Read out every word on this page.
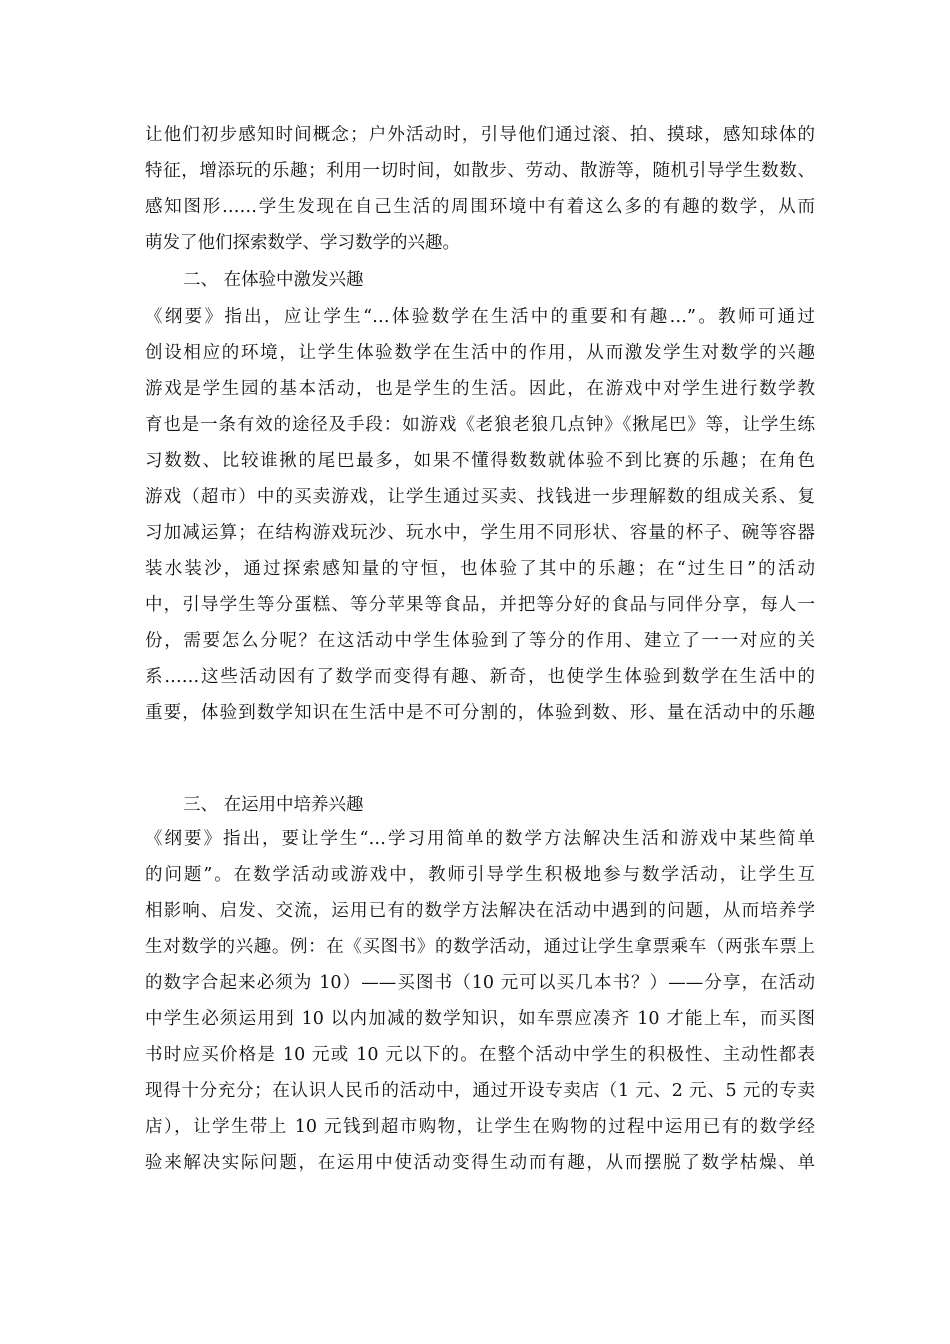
让他们初步感知时间概念；户外活动时，引导他们通过滚、拍、摸球，感知球体的
特征，增添玩的乐趣；利用一切时间，如散步、劳动、散游等，随机引导学生数数、
感知图形……学生发现在自己生活的周围环境中有着这么多的有趣的数学，从而
萌发了他们探索数学、学习数学的兴趣。
二、 在体验中激发兴趣
《纲要》指出，应让学生“…体验数学在生活中的重要和有趣…”。教师可通过
创设相应的环境，让学生体验数学在生活中的作用，从而激发学生对数学的兴趣
游戏是学生园的基本活动，也是学生的生活。因此，在游戏中对学生进行数学教
育也是一条有效的途径及手段：如游戏《老狼老狼几点钟》《揪尾巴》等，让学生练
习数数、比较谁揪的尾巴最多，如果不懂得数数就体验不到比赛的乐趣；在角色
游戏（超市）中的买卖游戏，让学生通过买卖、找钱进一步理解数的组成关系、复
习加减运算；在结构游戏玩沙、玩水中，学生用不同形状、容量的杯子、碗等容器
装水装沙，通过探索感知量的守恒，也体验了其中的乐趣；在“过生日”的活动
中，引导学生等分蛋糕、等分苹果等食品，并把等分好的食品与同伴分享，每人一
份，需要怎么分呢？在这活动中学生体验到了等分的作用、建立了一一对应的关
系……这些活动因有了数学而变得有趣、新奇，也使学生体验到数学在生活中的
重要，体验到数学知识在生活中是不可分割的，体验到数、形、量在活动中的乐趣
三、 在运用中培养兴趣
《纲要》指出，要让学生“…学习用简单的数学方法解决生活和游戏中某些简单
的问题”。在数学活动或游戏中，教师引导学生积极地参与数学活动，让学生互
相影响、启发、交流，运用已有的数学方法解决在活动中遇到的问题，从而培养学
生对数学的兴趣。例：在《买图书》的数学活动，通过让学生拿票乘车（两张车票上
的数字合起来必须为 10）——买图书（10 元可以买几本书？）——分享，在活动
中学生必须运用到 10 以内加减的数学知识，如车票应凑齐 10 才能上车，而买图
书时应买价格是 10 元或 10 元以下的。在整个活动中学生的积极性、主动性都表
现得十分充分；在认识人民币的活动中，通过开设专卖店（1 元、2 元、5 元的专卖
店），让学生带上 10 元钱到超市购物，让学生在购物的过程中运用已有的数学经
验来解决实际问题，在运用中使活动变得生动而有趣，从而摆脱了数学枯燥、单
